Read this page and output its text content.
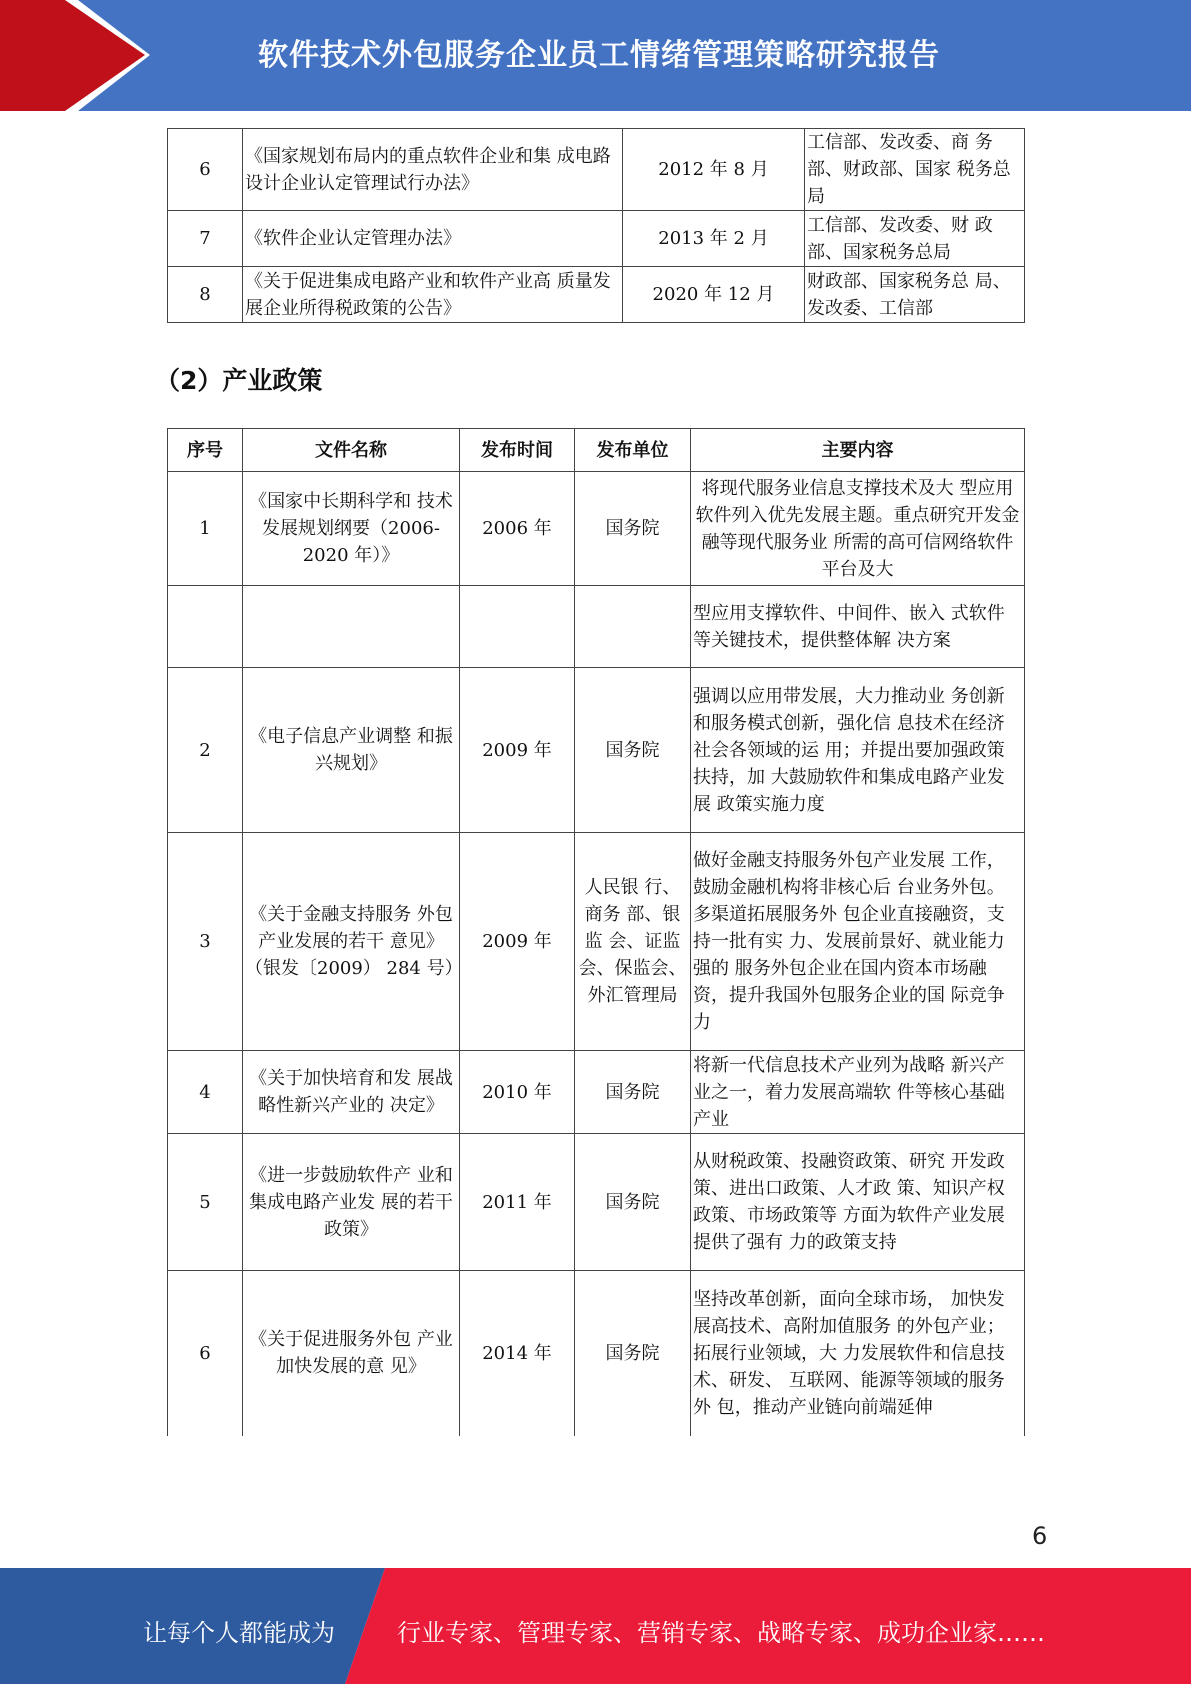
软件技术外包服务企业员工情绪管理策略研究报告
6	《国家规划布局内的重点软件企业和集 成电路设计企业认定管理试行办法》	2012 年 8 月	工信部、发改委、商 务部、财政部、国家 税务总局
7	《软件企业认定管理办法》	2013 年 2 月	工信部、发改委、财 政部、国家税务总局
8	《关于促进集成电路产业和软件产业高 质量发展企业所得税政策的公告》	2020 年 12 月	财政部、国家税务总 局、发改委、工信部
（2）产业政策
序号	文件名称	发布时间	发布单位	主要内容
1	《国家中长期科学和 技术发展规划纲要（2006-2020 年）》	2006 年	国务院	将现代服务业信息支撑技术及大 型应用软件列入优先发展主题。重点研究开发金融等现代服务业 所需的高可信网络软件平台及大
				型应用支撑软件、中间件、嵌入 式软件等关键技术，提供整体解 决方案
2	《电子信息产业调整 和振兴规划》	2009 年	国务院	强调以应用带发展，大力推动业 务创新和服务模式创新，强化信 息技术在经济社会各领域的运 用；并提出要加强政策扶持，加 大鼓励软件和集成电路产业发展 政策实施力度
3	《关于金融支持服务 外包产业发展的若干 意见》（银发〔2009） 284 号）	2009 年	人民银 行、商务 部、银监 会、证监会、保监会、外汇管理局	做好金融支持服务外包产业发展 工作，鼓励金融机构将非核心后 台业务外包。多渠道拓展服务外 包企业直接融资，支持一批有实 力、发展前景好、就业能力强的 服务外包企业在国内资本市场融 资，提升我国外包服务企业的国 际竞争力
4	《关于加快培育和发 展战略性新兴产业的 决定》	2010 年	国务院	将新一代信息技术产业列为战略 新兴产业之一，着力发展高端软 件等核心基础产业
5	《进一步鼓励软件产 业和集成电路产业发 展的若干政策》	2011 年	国务院	从财税政策、投融资政策、研究 开发政策、进出口政策、人才政 策、知识产权政策、市场政策等 方面为软件产业发展提供了强有 力的政策支持
6	《关于促进服务外包 产业加快发展的意 见》	2014 年	国务院	坚持改革创新，面向全球市场， 加快发展高技术、高附加值服务 的外包产业；拓展行业领域，大 力发展软件和信息技术、研发、 互联网、能源等领域的服务外 包，推动产业链向前端延伸
6
让每个人都能成为	行业专家、管理专家、营销专家、战略专家、成功企业家……
